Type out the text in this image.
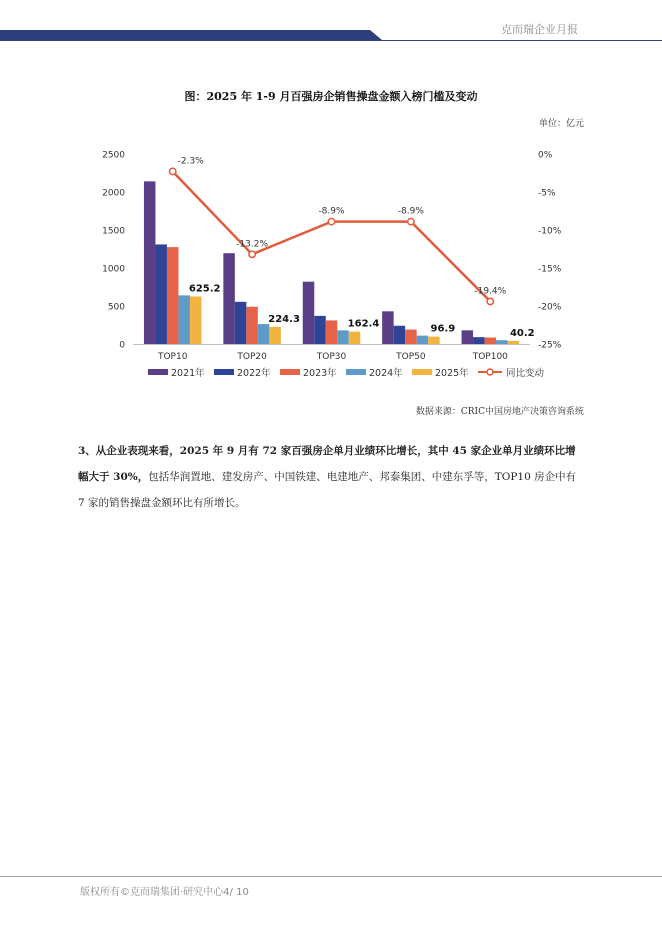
克而瑞企业月报
图：2025 年 1-9 月百强房企销售操盘金额入榜门槛及变动
单位：亿元
0
500
1000
1500
2000
2500	0%
-5%
-10%
-15%
-20%
-25%
625.2
TOP10
224.3
TOP20
162.4
TOP30
96.9
TOP50
40.2
TOP100
-2.3%
-13.2%
-8.9%	-8.9%
-19.4%
2021年	2022年	2023年	2024年	2025年	同比变动
数据来源：CRIC中国房地产决策咨询系统
3、从企业表现来看，2025 年 9 月有 72 家百强房企单月业绩环比增长，其中 45 家企业单月业绩环比增幅大于 30%，包括华润置地、建发房产、中国铁建、电建地产、邦泰集团、中建东孚等，TOP10 房企中有 7 家的销售操盘金额环比有所增长。
版权所有©克而瑞集团·研究中心4/ 10
